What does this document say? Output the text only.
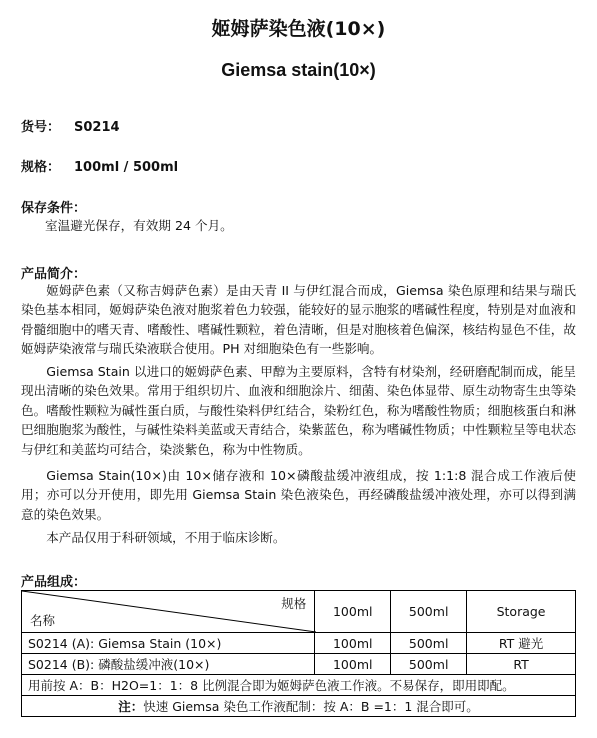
姬姆萨染色液(10×)
Giemsa stain(10×)
货号： S0214
规格： 100ml / 500ml
保存条件：

室温避光保存，有效期 24 个月。

产品简介：

姬姆萨色素（又称吉姆萨色素）是由天青 II 与伊红混合而成，Giemsa 染色原理和结果与瑞氏染色基本相同，姬姆萨染色液对胞浆着色力较强，能较好的显示胞浆的嗜碱性程度，特别是对血液和骨髓细胞中的嗜天青、嗜酸性、嗜碱性颗粒，着色清晰，但是对胞核着色偏深，核结构显色不佳，故姬姆萨染液常与瑞氏染液联合使用。PH 对细胞染色有一些影响。

Giemsa Stain 以进口的姬姆萨色素、甲醇为主要原料，含特有材染剂，经研磨配制而成，能呈现出清晰的染色效果。常用于组织切片、血液和细胞涂片、细菌、染色体显带、原生动物寄生虫等染色。嗜酸性颗粒为碱性蛋白质，与酸性染料伊红结合，染粉红色，称为嗜酸性物质；细胞核蛋白和淋巴细胞胞浆为酸性，与碱性染料美蓝或天青结合，染紫蓝色，称为嗜碱性物质；中性颗粒呈等电状态与伊红和美蓝均可结合，染淡紫色，称为中性物质。

Giemsa Stain(10×)由 10×储存液和 10×磷酸盐缓冲液组成，按 1:1:8 混合成工作液后使用；亦可以分开使用，即先用 Giemsa Stain 染色液染色，再经磷酸盐缓冲液处理，亦可以得到满意的染色效果。

本产品仅用于科研领域，不用于临床诊断。

产品组成：
规格
名称	100ml	500ml	Storage
S0214 (A): Giemsa Stain (10×)	100ml	500ml	RT 避光
S0214 (B): 磷酸盐缓冲液(10×)	100ml	500ml	RT
用前按 A：B：H2O=1：1：8 比例混合即为姬姆萨色液工作液。不易保存，即用即配。			
注：快速 Giemsa 染色工作液配制：按 A：B =1：1 混合即可。			
